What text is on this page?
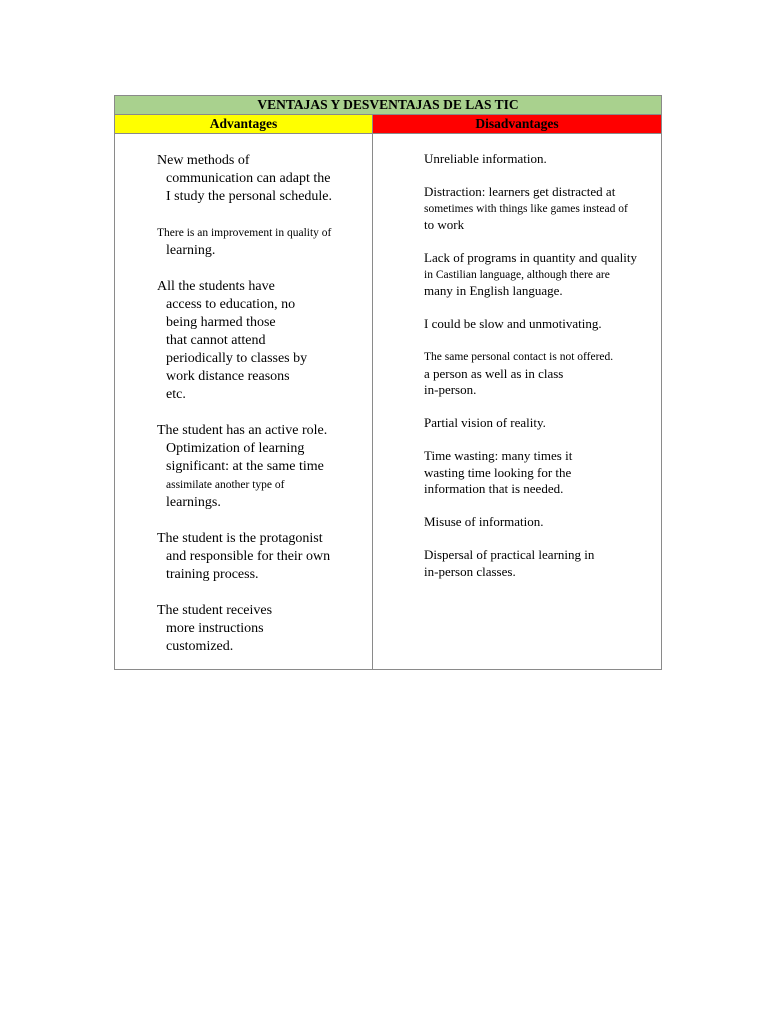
VENTAJAS Y DESVENTAJAS DE LAS TIC
Advantages	Disadvantages
New methods of
communication can adapt the
I study the personal schedule.
There is an improvement in quality of
learning.
All the students have
access to education, no
being harmed those
that cannot attend
periodically to classes by
work distance reasons
etc.
The student has an active role.
Optimization of learning
significant: at the same time
assimilate another type of
learnings.
The student is the protagonist
and responsible for their own
training process.
The student receives
more instructions
customized.
Unreliable information.
Distraction: learners get distracted at
sometimes with things like games instead of
to work
Lack of programs in quantity and quality
in Castilian language, although there are
many in English language.
I could be slow and unmotivating.
The same personal contact is not offered.
a person as well as in class
in-person.
Partial vision of reality.
Time wasting: many times it
wasting time looking for the
information that is needed.
Misuse of information.
Dispersal of practical learning in
in-person classes.
